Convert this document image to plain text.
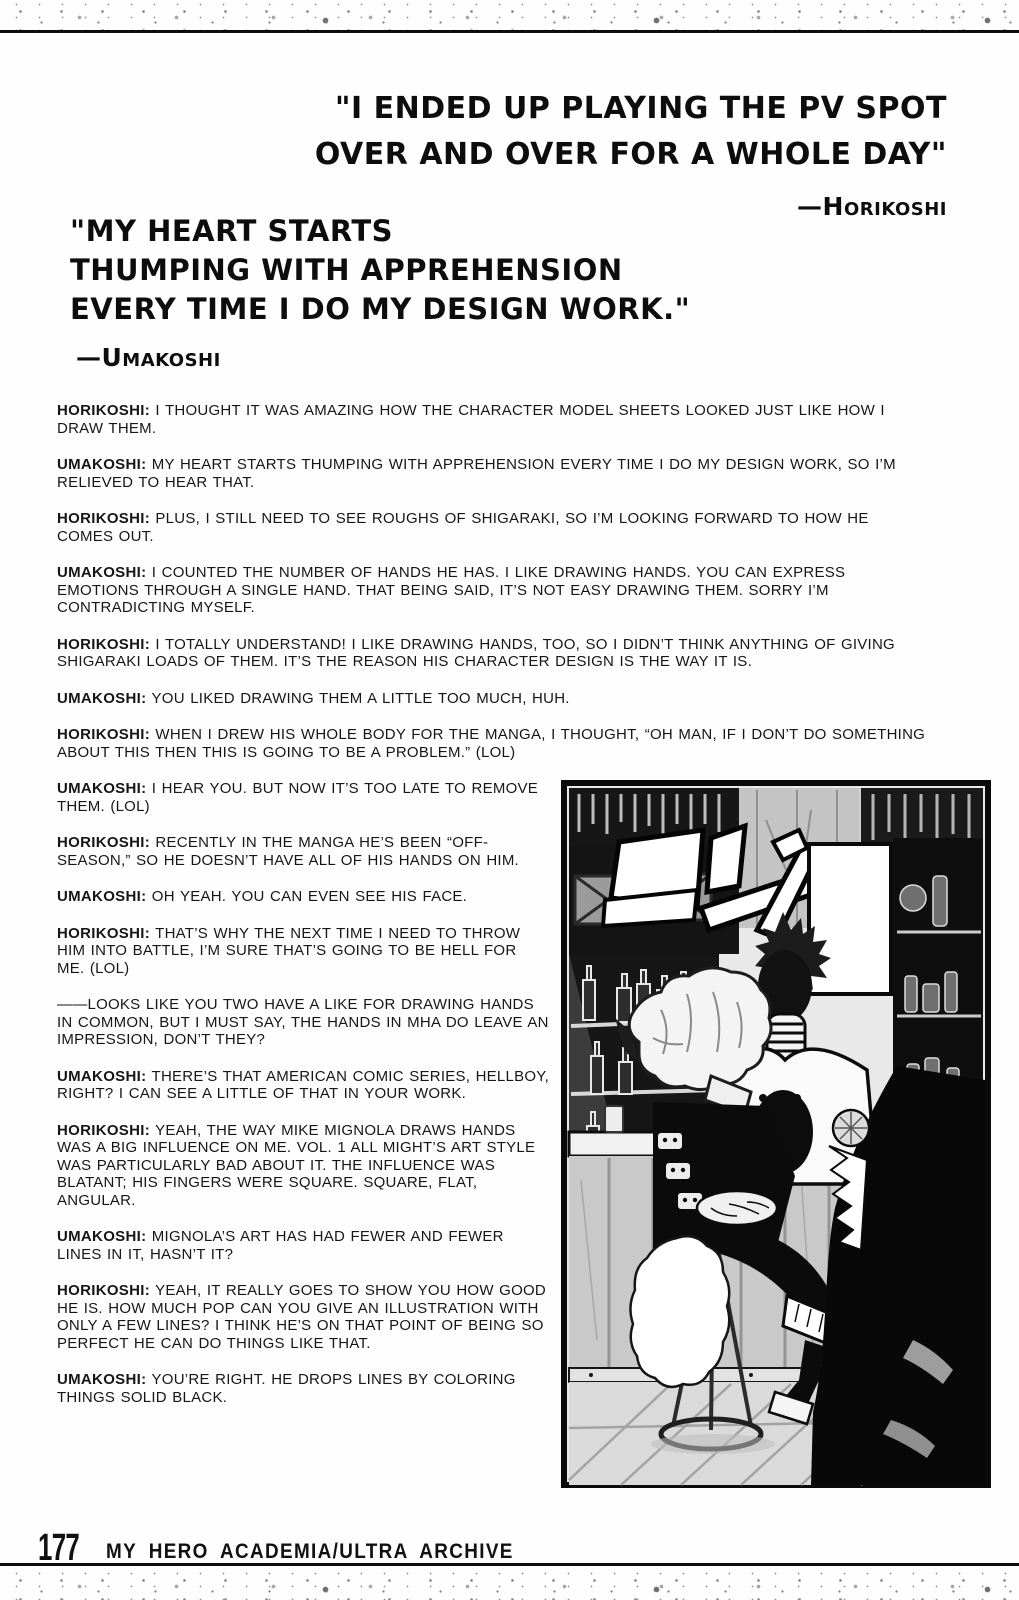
"I ENDED UP PLAYING THE PV SPOT
OVER AND OVER FOR A WHOLE DAY"
—Horikoshi
"MY HEART STARTS
THUMPING WITH APPREHENSION
EVERY TIME I DO MY DESIGN WORK."
—Umakoshi

HORIKOSHI: I THOUGHT IT WAS AMAZING HOW THE CHARACTER MODEL SHEETS LOOKED JUST LIKE HOW I DRAW THEM.

UMAKOSHI: MY HEART STARTS THUMPING WITH APPREHENSION EVERY TIME I DO MY DESIGN WORK, SO I’M RELIEVED TO HEAR THAT.

HORIKOSHI: PLUS, I STILL NEED TO SEE ROUGHS OF SHIGARAKI, SO I’M LOOKING FORWARD TO HOW HE COMES OUT.

UMAKOSHI: I COUNTED THE NUMBER OF HANDS HE HAS. I LIKE DRAWING HANDS. YOU CAN EXPRESS EMOTIONS THROUGH A SINGLE HAND. THAT BEING SAID, IT’S NOT EASY DRAWING THEM. SORRY I’M CONTRADICTING MYSELF.

HORIKOSHI: I TOTALLY UNDERSTAND! I LIKE DRAWING HANDS, TOO, SO I DIDN’T THINK ANYTHING OF GIVING SHIGARAKI LOADS OF THEM. IT’S THE REASON HIS CHARACTER DESIGN IS THE WAY IT IS.

UMAKOSHI: YOU LIKED DRAWING THEM A LITTLE TOO MUCH, HUH.

HORIKOSHI: WHEN I DREW HIS WHOLE BODY FOR THE MANGA, I THOUGHT, “OH MAN, IF I DON’T DO SOMETHING ABOUT THIS THEN THIS IS GOING TO BE A PROBLEM.” (LOL)

UMAKOSHI: I HEAR YOU. BUT NOW IT’S TOO LATE TO REMOVE THEM. (LOL)

HORIKOSHI: RECENTLY IN THE MANGA HE’S BEEN “OFF-SEASON,” SO HE DOESN’T HAVE ALL OF HIS HANDS ON HIM.

UMAKOSHI: OH YEAH. YOU CAN EVEN SEE HIS FACE.

HORIKOSHI: THAT’S WHY THE NEXT TIME I NEED TO THROW HIM INTO BATTLE, I’M SURE THAT’S GOING TO BE HELL FOR ME. (LOL)

——LOOKS LIKE YOU TWO HAVE A LIKE FOR DRAWING HANDS IN COMMON, BUT I MUST SAY, THE HANDS IN MHA DO LEAVE AN IMPRESSION, DON’T THEY?

UMAKOSHI: THERE’S THAT AMERICAN COMIC SERIES, HELLBOY, RIGHT? I CAN SEE A LITTLE OF THAT IN YOUR WORK.

HORIKOSHI: YEAH, THE WAY MIKE MIGNOLA DRAWS HANDS WAS A BIG INFLUENCE ON ME. VOL. 1 ALL MIGHT’S ART STYLE WAS PARTICULARLY BAD ABOUT IT. THE INFLUENCE WAS BLATANT; HIS FINGERS WERE SQUARE. SQUARE, FLAT, ANGULAR.

UMAKOSHI: MIGNOLA’S ART HAS HAD FEWER AND FEWER LINES IN IT, HASN’T IT?

HORIKOSHI: YEAH, IT REALLY GOES TO SHOW YOU HOW GOOD HE IS. HOW MUCH POP CAN YOU GIVE AN ILLUSTRATION WITH ONLY A FEW LINES? I THINK HE’S ON THAT POINT OF BEING SO PERFECT HE CAN DO THINGS LIKE THAT.

UMAKOSHI: YOU’RE RIGHT. HE DROPS LINES BY COLORING THINGS SOLID BLACK.

177 MY HERO ACADEMIA/ULTRA ARCHIVE
